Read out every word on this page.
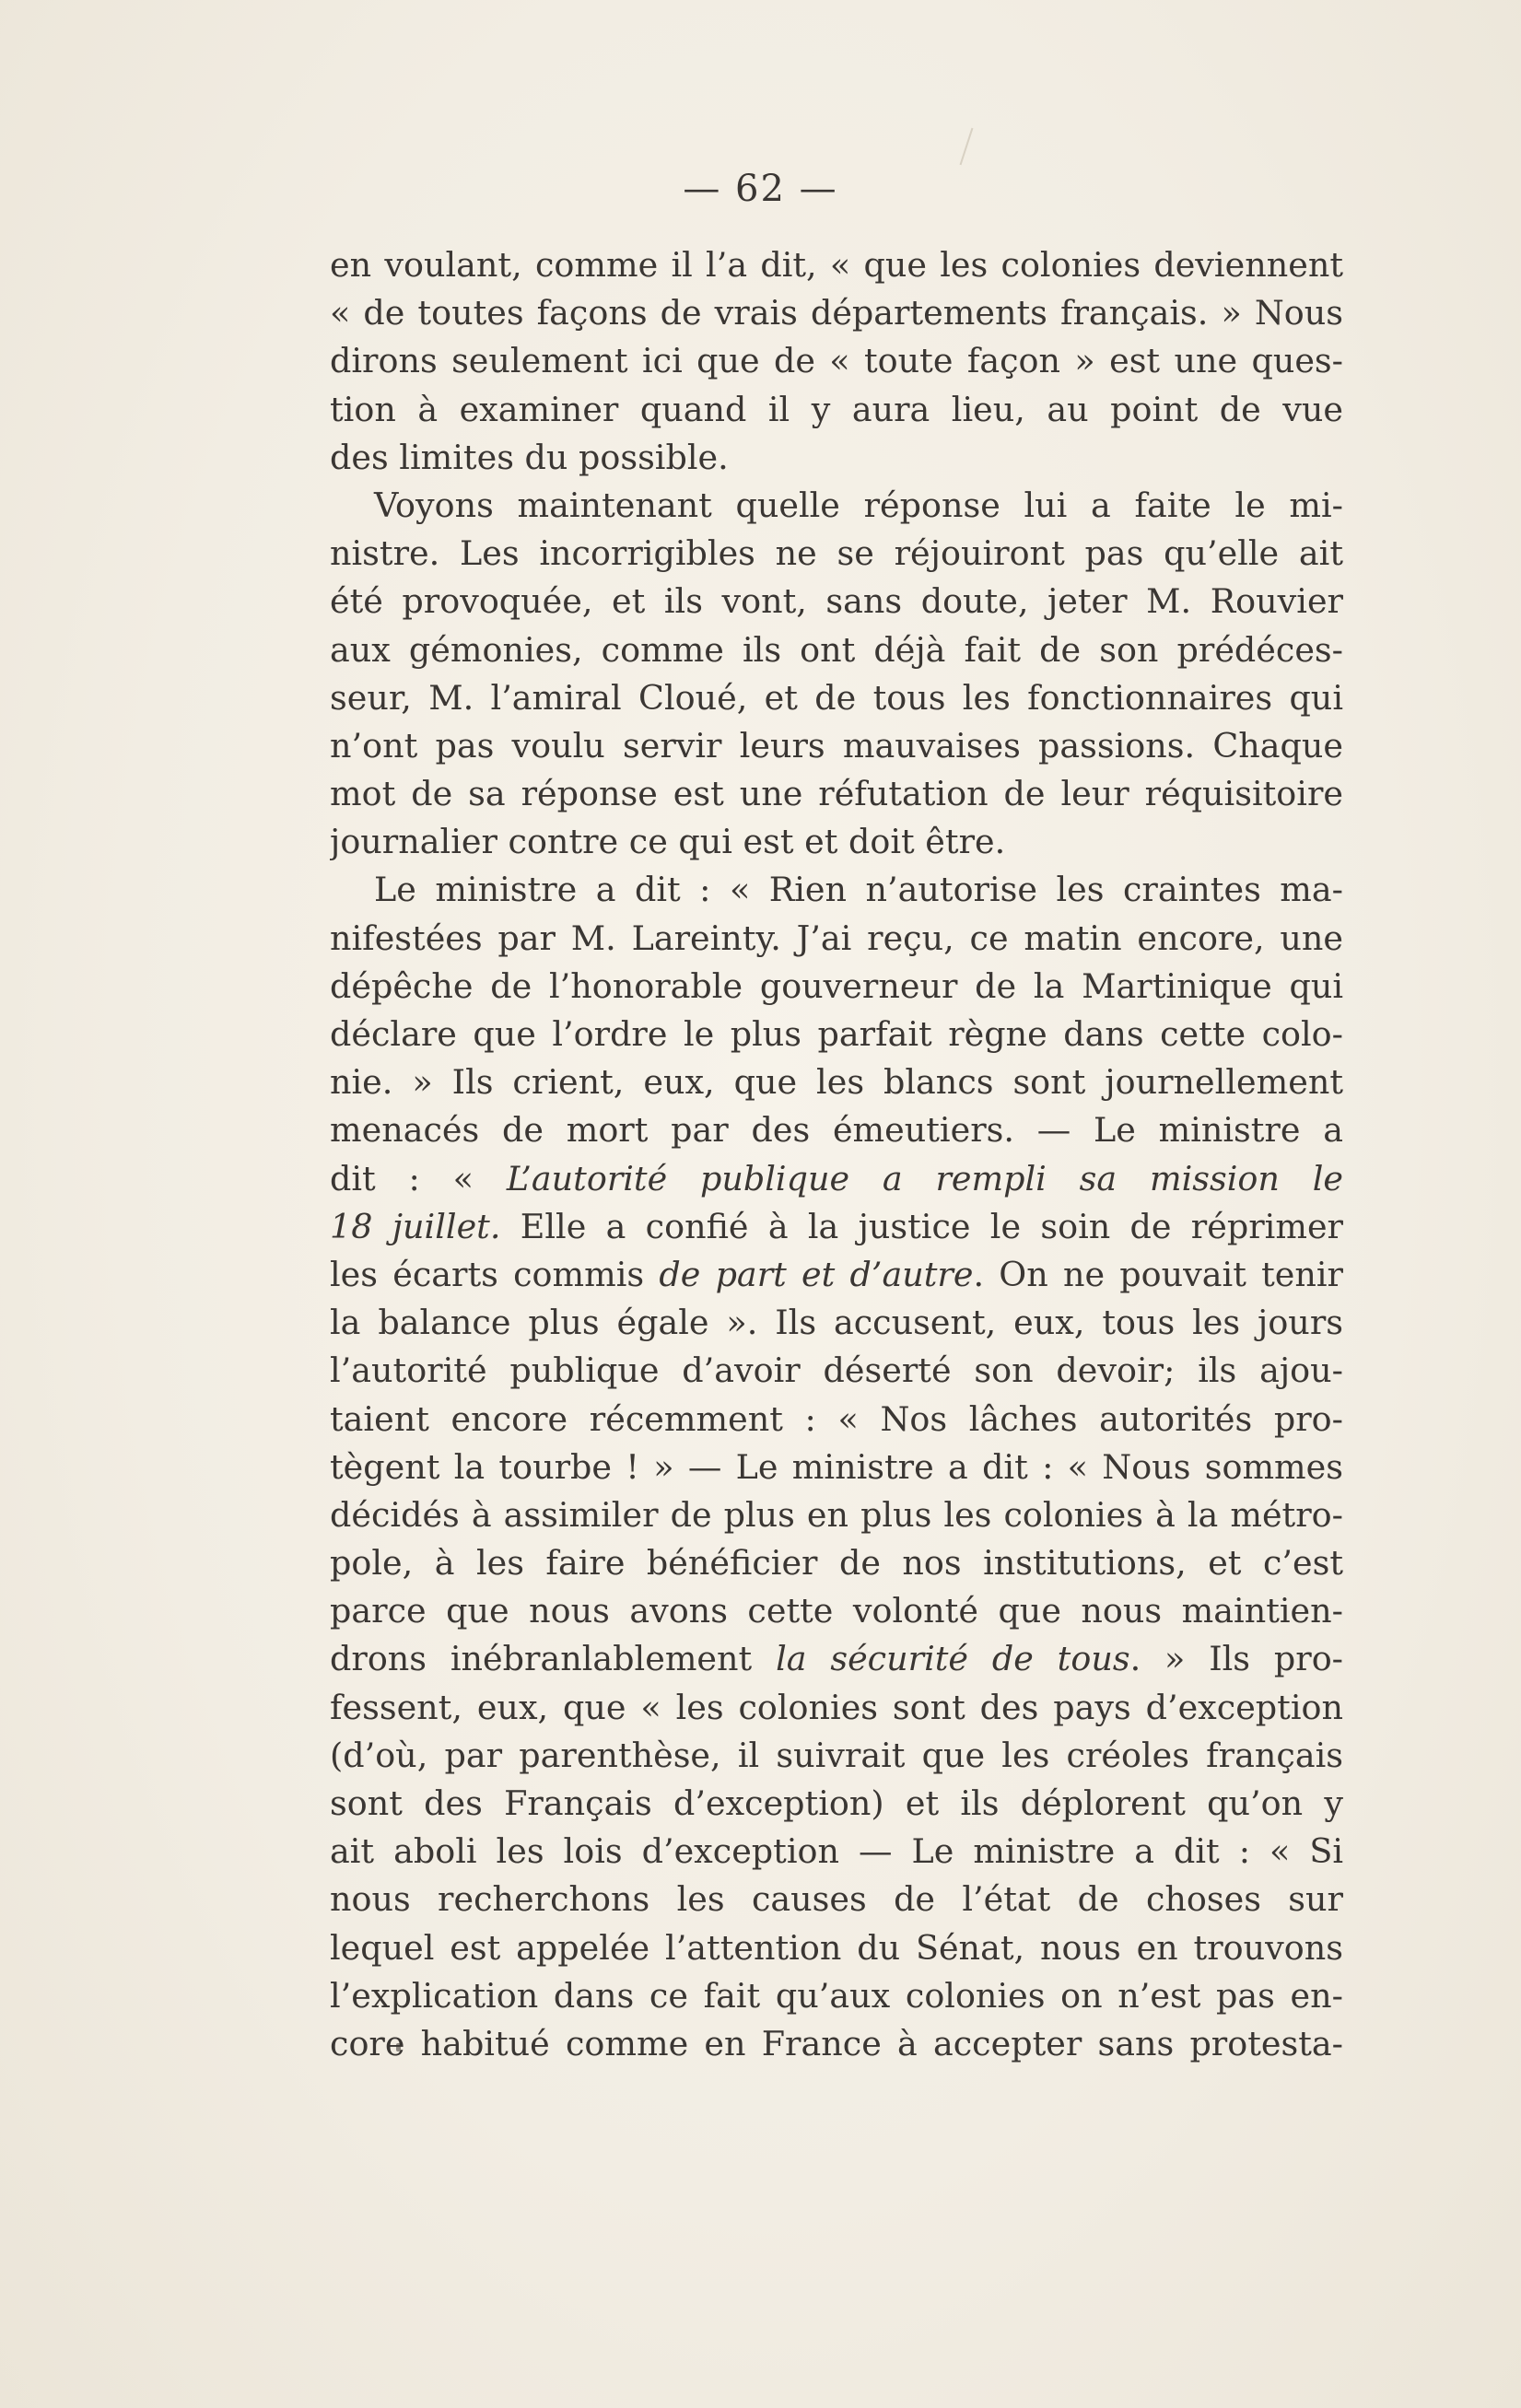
— 62 —
en voulant, comme il l’a dit, « que les colonies deviennent
« de toutes façons de vrais départements français. » Nous
dirons seulement ici que de « toute façon » est une ques-
tion à examiner quand il y aura lieu, au point de vue
des limites du possible.
Voyons maintenant quelle réponse lui a faite le mi-
nistre. Les incorrigibles ne se réjouiront pas qu’elle ait
été provoquée, et ils vont, sans doute, jeter M. Rouvier
aux gémonies, comme ils ont déjà fait de son prédéces-
seur, M. l’amiral Cloué, et de tous les fonctionnaires qui
n’ont pas voulu servir leurs mauvaises passions. Chaque
mot de sa réponse est une réfutation de leur réquisitoire
journalier contre ce qui est et doit être.
Le ministre a dit : « Rien n’autorise les craintes ma-
nifestées par M. Lareinty. J’ai reçu, ce matin encore, une
dépêche de l’honorable gouverneur de la Martinique qui
déclare que l’ordre le plus parfait règne dans cette colo-
nie. » Ils crient, eux, que les blancs sont journellement
menacés de mort par des émeutiers. — Le ministre a
dit : « L’autorité publique a rempli sa mission le
18 juillet. Elle a confié à la justice le soin de réprimer
les écarts commis de part et d’autre. On ne pouvait tenir
la balance plus égale ». Ils accusent, eux, tous les jours
l’autorité publique d’avoir déserté son devoir; ils ajou-
taient encore récemment : « Nos lâches autorités pro-
tègent la tourbe ! » — Le ministre a dit : « Nous sommes
décidés à assimiler de plus en plus les colonies à la métro-
pole, à les faire bénéficier de nos institutions, et c’est
parce que nous avons cette volonté que nous maintien-
drons inébranlablement la sécurité de tous. » Ils pro-
fessent, eux, que « les colonies sont des pays d’exception
(d’où, par parenthèse, il suivrait que les créoles français
sont des Français d’exception) et ils déplorent qu’on y
ait aboli les lois d’exception — Le ministre a dit : « Si
nous recherchons les causes de l’état de choses sur
lequel est appelée l’attention du Sénat, nous en trouvons
l’explication dans ce fait qu’aux colonies on n’est pas en-
core habitué comme en France à accepter sans protesta-
